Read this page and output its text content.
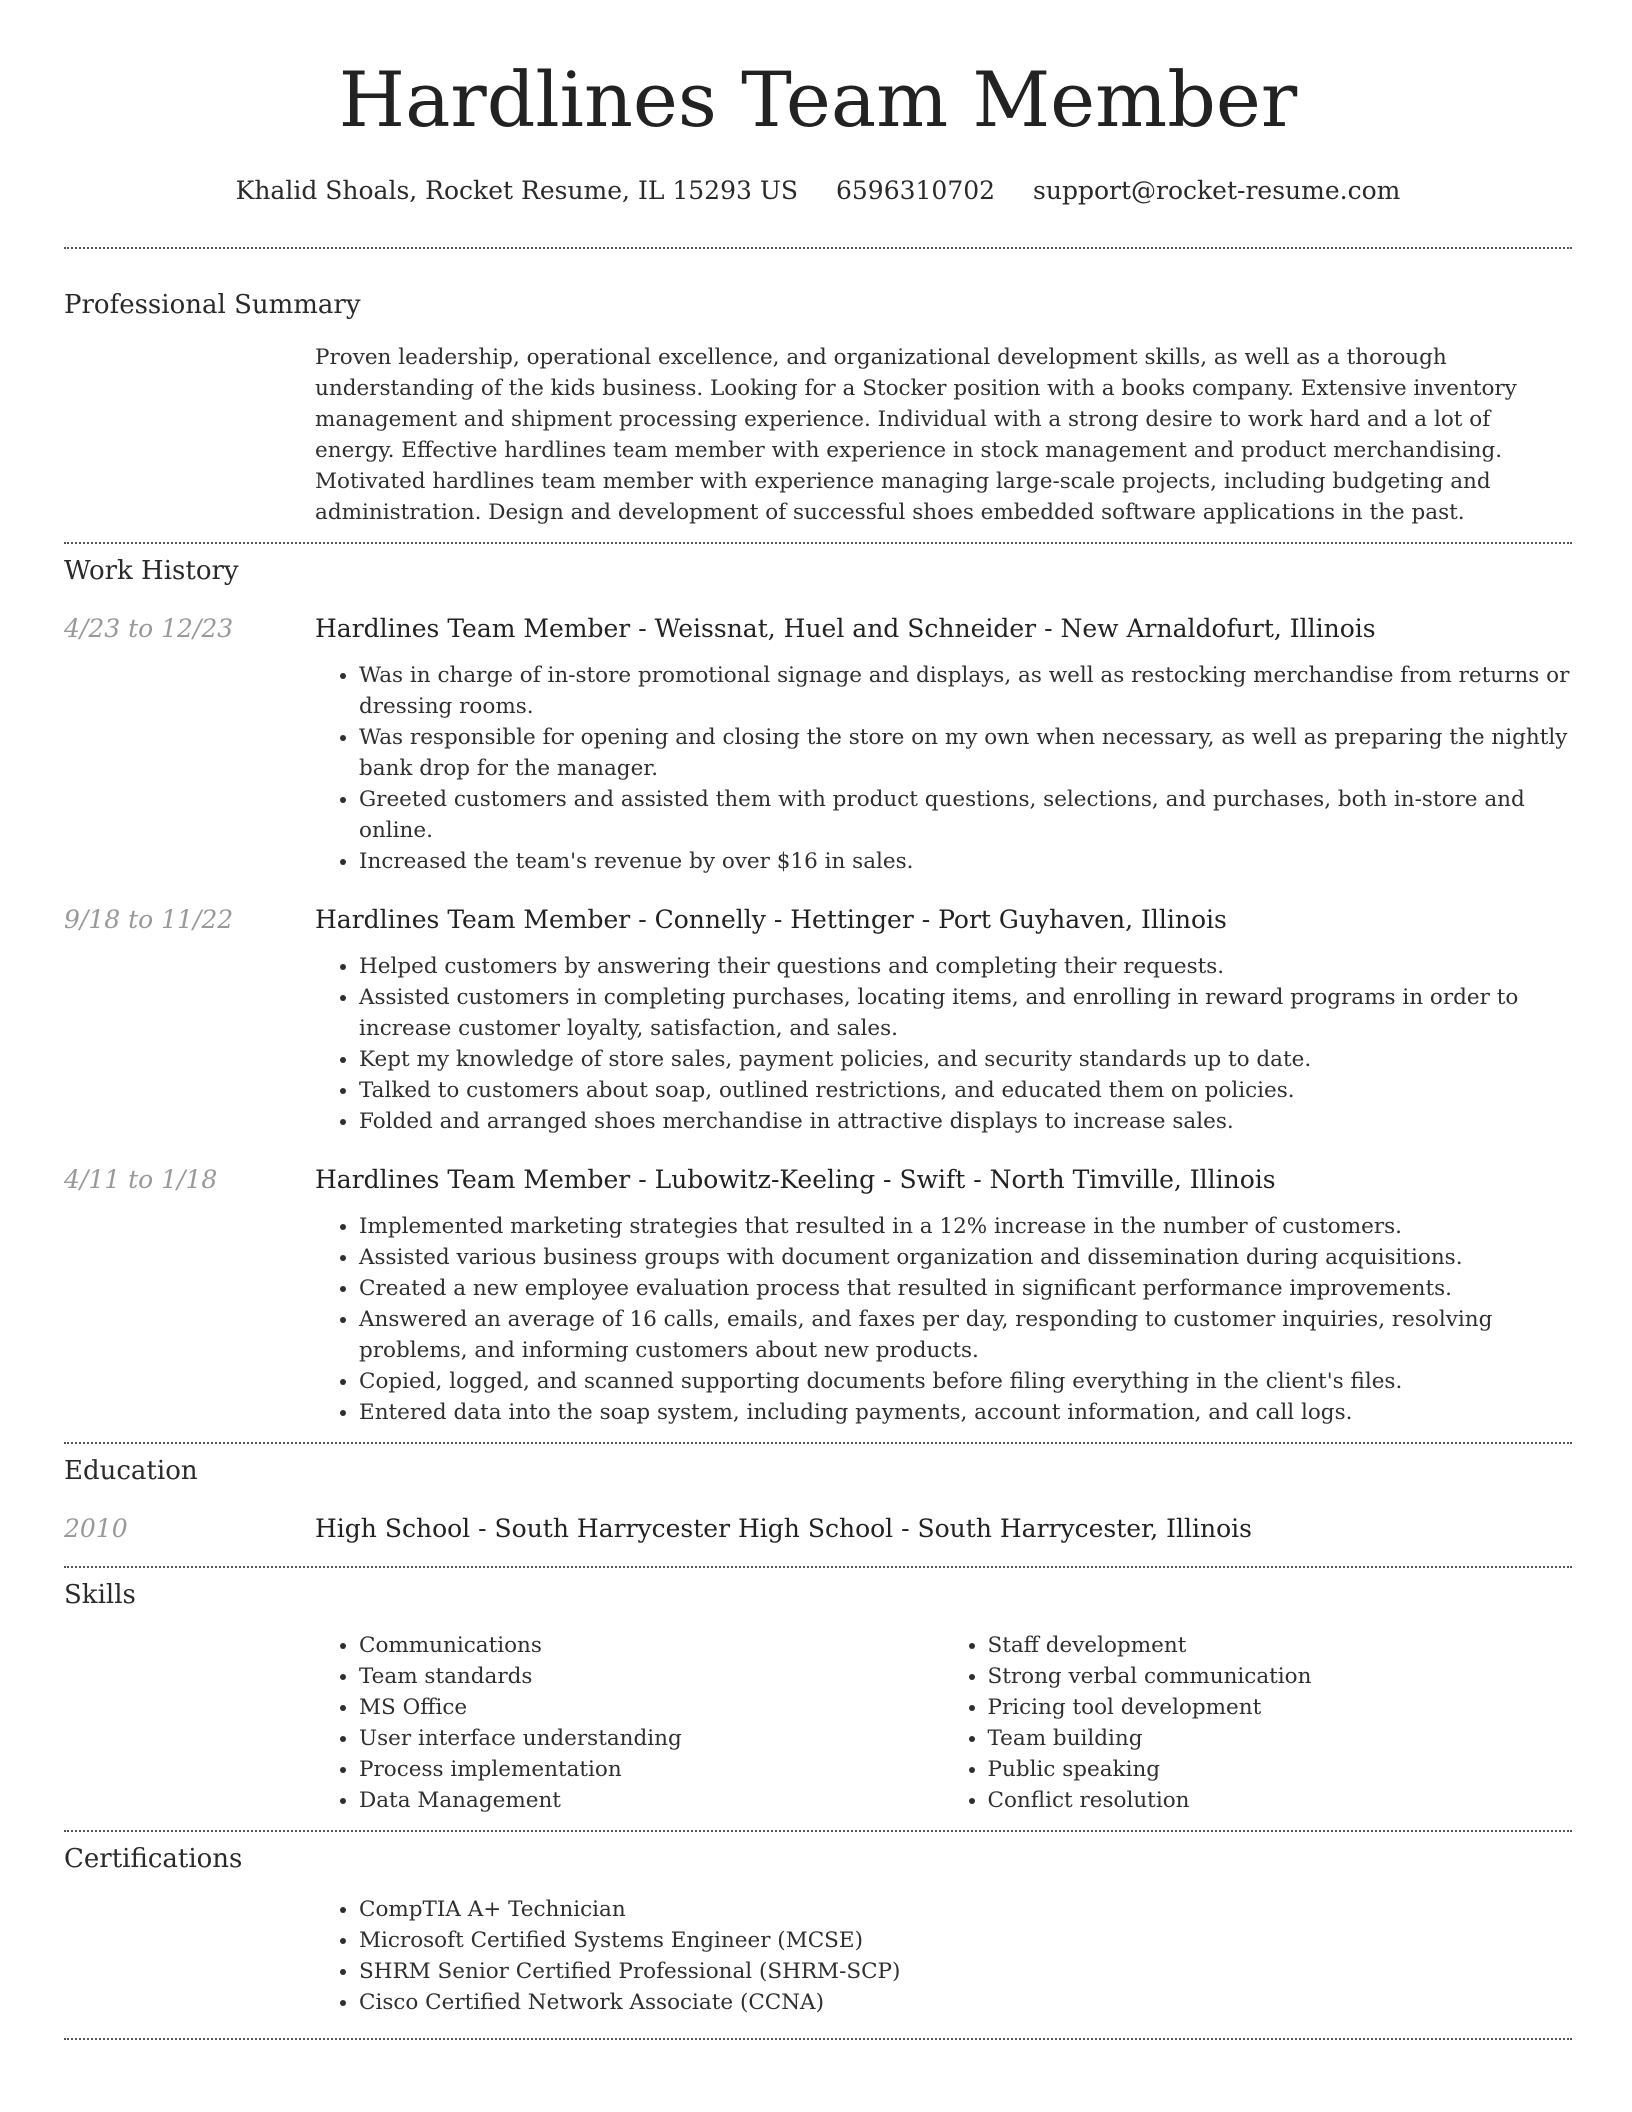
Hardlines Team Member
Khalid Shoals, Rocket Resume, IL 15293 US 6596310702 support@rocket-resume.com
Professional Summary
Proven leadership, operational excellence, and organizational development skills, as well as a thorough understanding of the kids business. Looking for a Stocker position with a books company. Extensive inventory management and shipment processing experience. Individual with a strong desire to work hard and a lot of energy. Effective hardlines team member with experience in stock management and product merchandising. Motivated hardlines team member with experience managing large-scale projects, including budgeting and administration. Design and development of successful shoes embedded software applications in the past.
Work History
4/23 to 12/23	Hardlines Team Member - Weissnat, Huel and Schneider - New Arnaldofurt, Illinois
• Was in charge of in-store promotional signage and displays, as well as restocking merchandise from returns or dressing rooms.
• Was responsible for opening and closing the store on my own when necessary, as well as preparing the nightly bank drop for the manager.
• Greeted customers and assisted them with product questions, selections, and purchases, both in-store and online.
• Increased the team's revenue by over $16 in sales.
9/18 to 11/22	Hardlines Team Member - Connelly - Hettinger - Port Guyhaven, Illinois
• Helped customers by answering their questions and completing their requests.
• Assisted customers in completing purchases, locating items, and enrolling in reward programs in order to increase customer loyalty, satisfaction, and sales.
• Kept my knowledge of store sales, payment policies, and security standards up to date.
• Talked to customers about soap, outlined restrictions, and educated them on policies.
• Folded and arranged shoes merchandise in attractive displays to increase sales.
4/11 to 1/18	Hardlines Team Member - Lubowitz-Keeling - Swift - North Timville, Illinois
• Implemented marketing strategies that resulted in a 12% increase in the number of customers.
• Assisted various business groups with document organization and dissemination during acquisitions.
• Created a new employee evaluation process that resulted in significant performance improvements.
• Answered an average of 16 calls, emails, and faxes per day, responding to customer inquiries, resolving problems, and informing customers about new products.
• Copied, logged, and scanned supporting documents before filing everything in the client's files.
• Entered data into the soap system, including payments, account information, and call logs.
Education
2010	High School - South Harrycester High School - South Harrycester, Illinois
Skills
• Communications
• Team standards
• MS Office
• User interface understanding
• Process implementation
• Data Management
• Staff development
• Strong verbal communication
• Pricing tool development
• Team building
• Public speaking
• Conflict resolution
Certifications
• CompTIA A+ Technician
• Microsoft Certified Systems Engineer (MCSE)
• SHRM Senior Certified Professional (SHRM-SCP)
• Cisco Certified Network Associate (CCNA)
